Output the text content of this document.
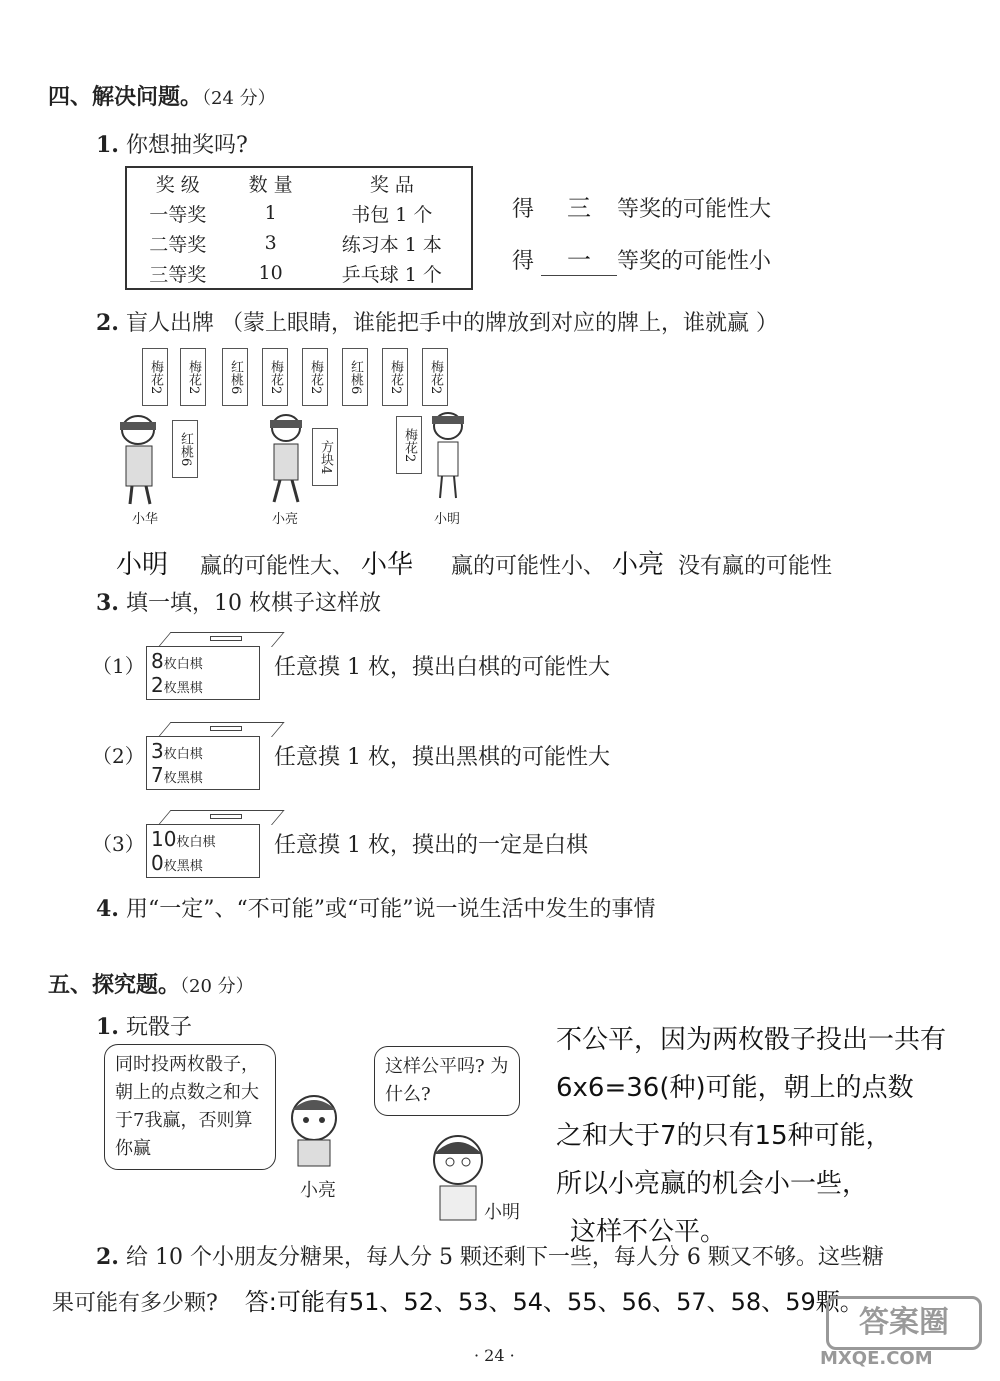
四、解决问题。（24 分）
1. 你想抽奖吗?
奖 级	数 量	奖 品
一等奖	1	书包 1 个
二等奖	3	练习本 1 本
三等奖	10	乒乓球 1 个
得 三 等奖的可能性大
得 一 等奖的可能性小
2. 盲人出牌 （蒙上眼睛，谁能把手中的牌放到对应的牌上，谁就赢 ）
梅花2	梅花2	红桃6	梅花2	梅花2	红桃6	梅花2	梅花2
红桃6
小华
方块4
小亮
梅花2
小明
小明 赢的可能性大、 小华 赢的可能性小、 小亮 没有赢的可能性
3. 填一填，10 枚棋子这样放
（1） 8枚白棋
2枚黑棋
任意摸 1 枚，摸出白棋的可能性大
（2） 3枚白棋
7枚黑棋
任意摸 1 枚，摸出黑棋的可能性大
（3） 10枚白棋
0枚黑棋
任意摸 1 枚，摸出的一定是白棋
4. 用“一定”、“不可能”或“可能”说一说生活中发生的事情
五、探究题。（20 分）
1. 玩骰子
同时投两枚骰子，朝上的点数之和大于7我赢，否则算你赢
这样公平吗? 为什么?
小亮
小明
不公平，因为两枚骰子投出一共有
6x6=36(种)可能，朝上的点数
之和大于7的只有15种可能，
所以小亮赢的机会小一些，
这样不公平。
2. 给 10 个小朋友分糖果，每人分 5 颗还剩下一些，每人分 6 颗又不够。这些糖
果可能有多少颗? 答:可能有51、52、53、54、55、56、57、58、59颗。
· 24 ·
答案圈
MXQE.COM
